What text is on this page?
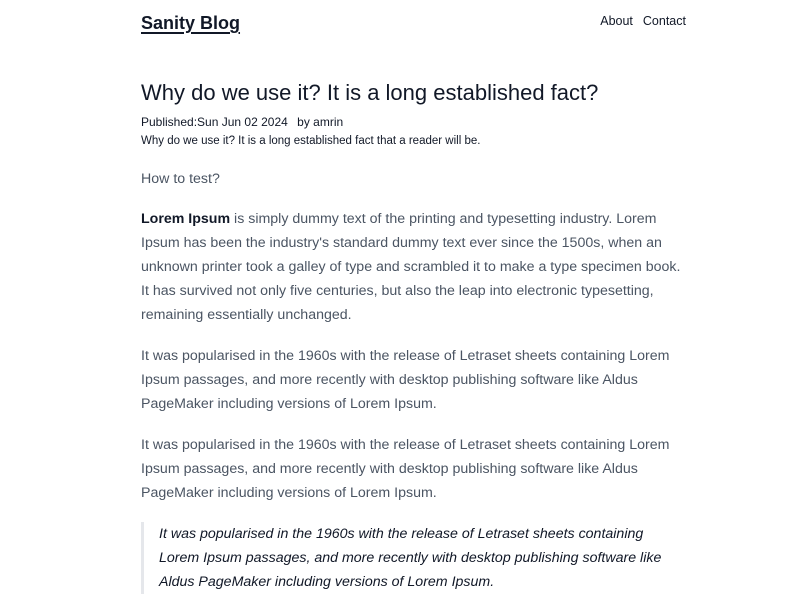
Sanity Blog	About Contact
Why do we use it? It is a long established fact?
Published:Sun Jun 02 2024 by amrin
Why do we use it? It is a long established fact that a reader will be.

How to test?

Lorem Ipsum is simply dummy text of the printing and typesetting industry. Lorem Ipsum has been the industry's standard dummy text ever since the 1500s, when an unknown printer took a galley of type and scrambled it to make a type specimen book. It has survived not only five centuries, but also the leap into electronic typesetting, remaining essentially unchanged.

It was popularised in the 1960s with the release of Letraset sheets containing Lorem Ipsum passages, and more recently with desktop publishing software like Aldus PageMaker including versions of Lorem Ipsum.

It was popularised in the 1960s with the release of Letraset sheets containing Lorem Ipsum passages, and more recently with desktop publishing software like Aldus PageMaker including versions of Lorem Ipsum.

It was popularised in the 1960s with the release of Letraset sheets containing Lorem Ipsum passages, and more recently with desktop publishing software like Aldus PageMaker including versions of Lorem Ipsum.
